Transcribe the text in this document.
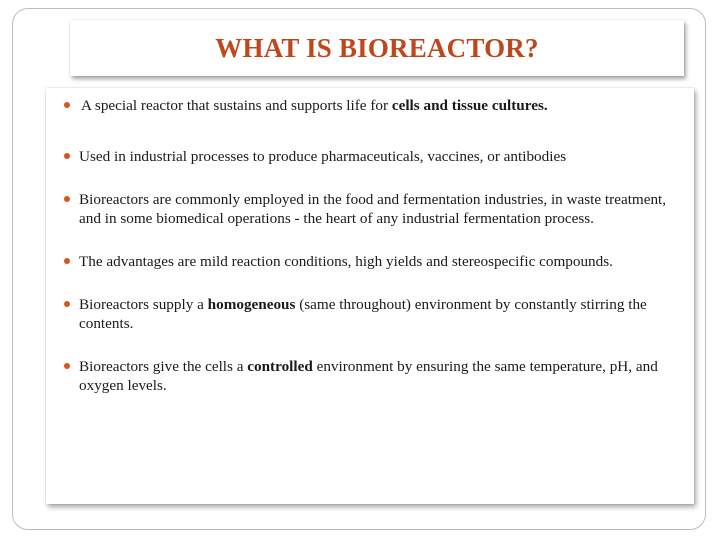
WHAT IS BIOREACTOR?
A special reactor that sustains and supports life for cells and tissue cultures.
Used in industrial processes to produce pharmaceuticals, vaccines, or antibodies
Bioreactors are commonly employed in the food and fermentation industries, in waste treatment, and in some biomedical operations - the heart of any industrial fermentation process.
The advantages are mild reaction conditions, high yields and stereospecific compounds.
Bioreactors supply a homogeneous (same throughout) environment by constantly stirring the contents.
Bioreactors give the cells a controlled environment by ensuring the same temperature, pH, and oxygen levels.
